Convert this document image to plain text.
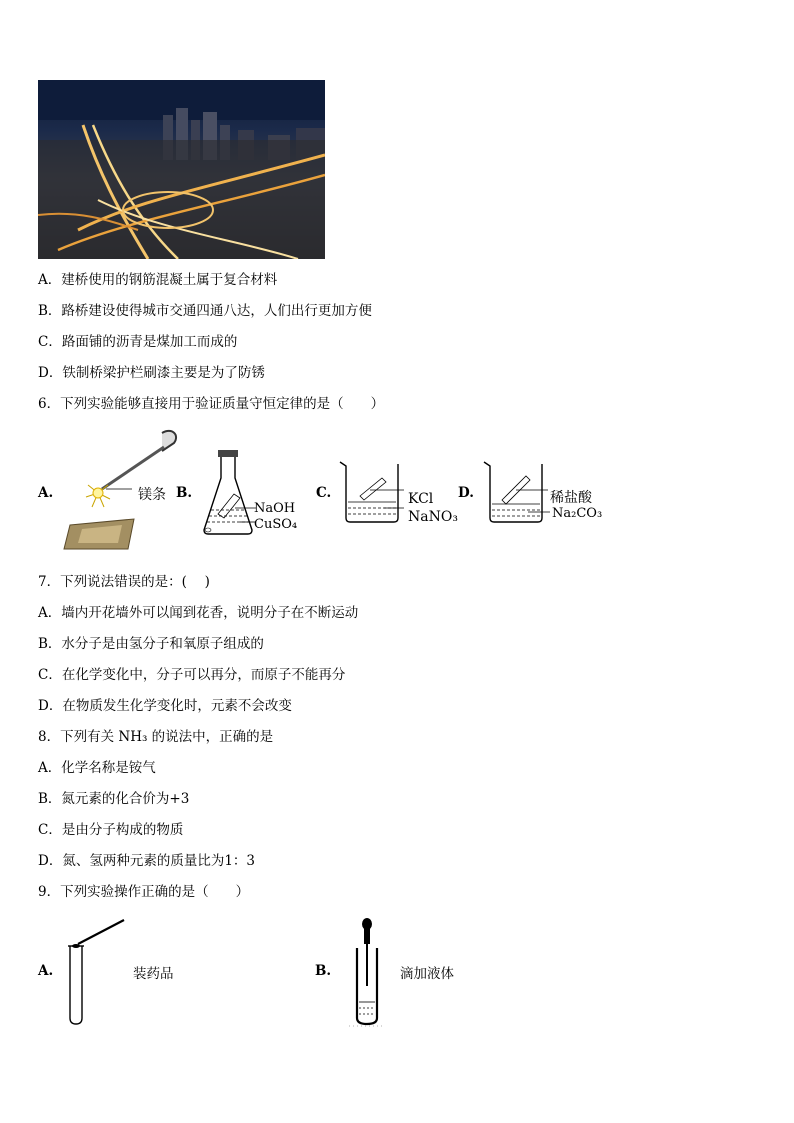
A．建桥使用的钢筋混凝土属于复合材料
B．路桥建设使得城市交通四通八达，人们出行更加方便
C．路面铺的沥青是煤加工而成的
D．铁制桥梁护栏刷漆主要是为了防锈
6．下列实验能够直接用于验证质量守恒定律的是（　　）
A.	镁条 B.
NaOH
CuSO₄
C.	KCl
NaNO₃
D.	稀盐酸
Na₂CO₃
7．下列说法错误的是：(　 )
A．墙内开花墙外可以闻到花香，说明分子在不断运动
B．水分子是由氢分子和氧原子组成的
C．在化学变化中，分子可以再分，而原子不能再分
D．在物质发生化学变化时，元素不会改变
8．下列有关 NH₃ 的说法中，正确的是
A．化学名称是铵气
B．氮元素的化合价为+3
C．是由分子构成的物质
D．氮、氢两种元素的质量比为1：3
9．下列实验操作正确的是（　　）
A.	装药品	B.	滴加液体
